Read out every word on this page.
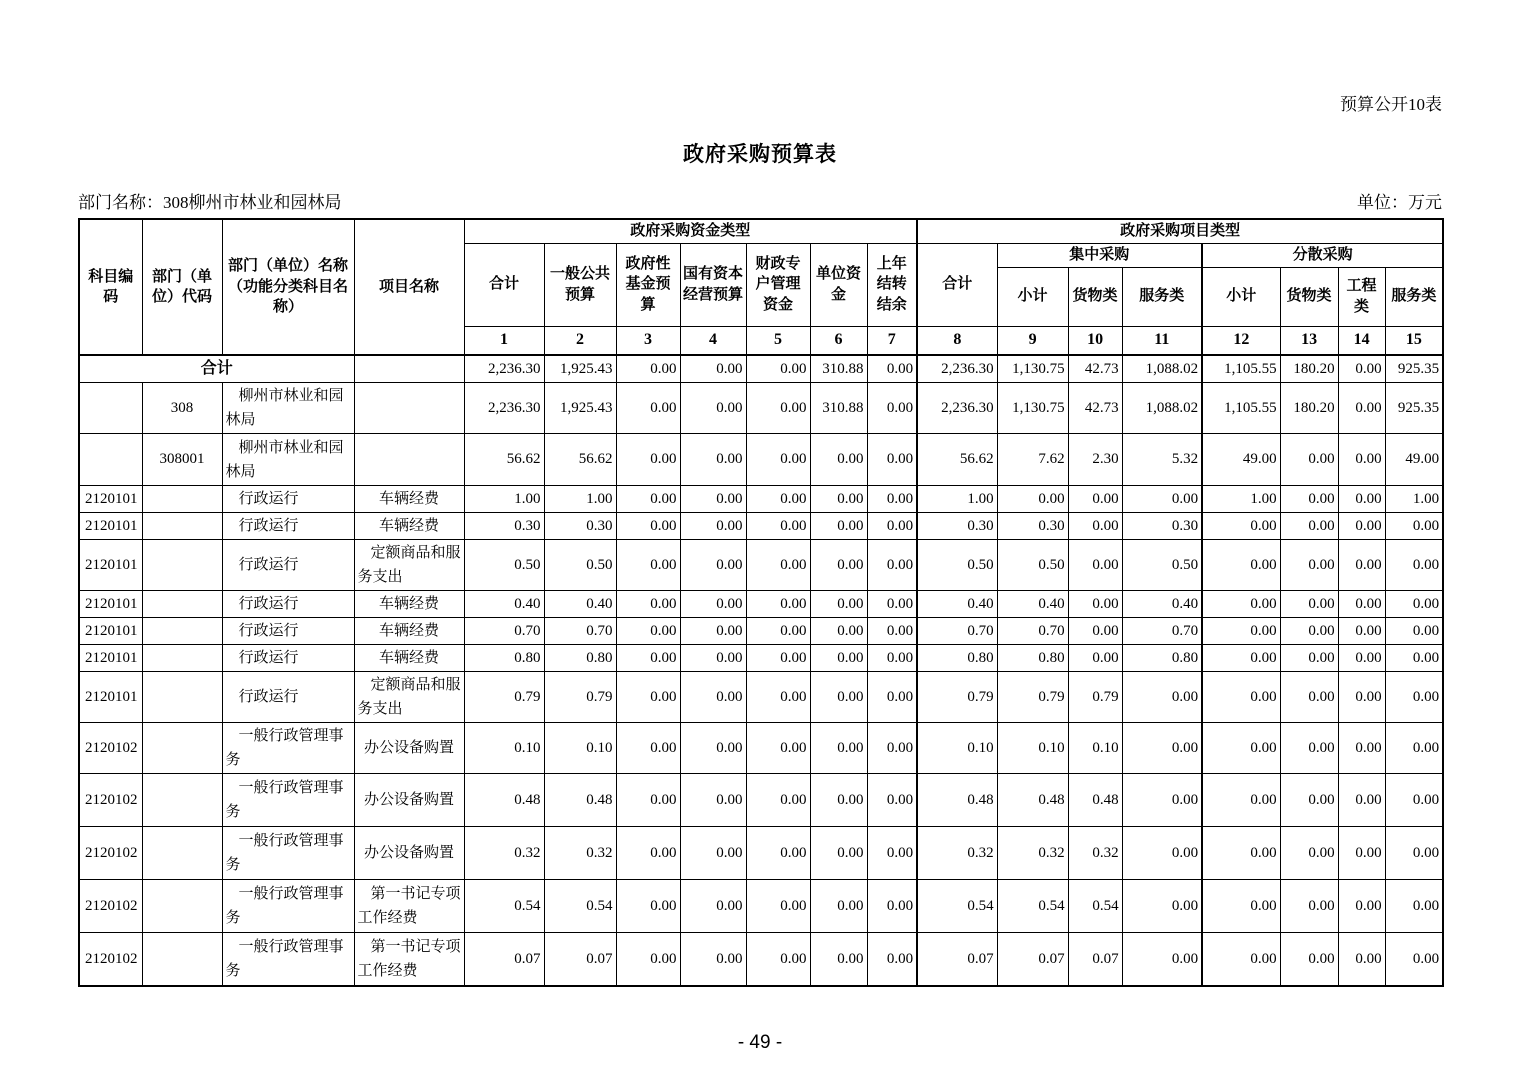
预算公开10表
政府采购预算表
单位：万元
部门名称：308柳州市林业和园林局
科目编码	部门（单位）代码	部门（单位）名称（功能分类科目名称）	项目名称	政府采购资金类型							政府采购项目类型							
				合计	一般公共预算	政府性基金预算	国有资本经营预算	财政专户管理资金	单位资金	上年结转结余	合计	集中采购			分散采购			
												小计	货物类	服务类	小计	货物类	工程类	服务类
				1	2	3	4	5	6	7	8	9	10	11	12	13	14	15
合计				2,236.30	1,925.43	0.00	0.00	0.00	310.88	0.00	2,236.30	1,130.75	42.73	1,088.02	1,105.55	180.20	0.00	925.35
	308	柳州市林业和园林局		2,236.30	1,925.43	0.00	0.00	0.00	310.88	0.00	2,236.30	1,130.75	42.73	1,088.02	1,105.55	180.20	0.00	925.35
	308001	柳州市林业和园林局		56.62	56.62	0.00	0.00	0.00	0.00	0.00	56.62	7.62	2.30	5.32	49.00	0.00	0.00	49.00
2120101		行政运行	车辆经费	1.00	1.00	0.00	0.00	0.00	0.00	0.00	1.00	0.00	0.00	0.00	1.00	0.00	0.00	1.00
2120101		行政运行	车辆经费	0.30	0.30	0.00	0.00	0.00	0.00	0.00	0.30	0.30	0.00	0.30	0.00	0.00	0.00	0.00
2120101		行政运行	定额商品和服务支出	0.50	0.50	0.00	0.00	0.00	0.00	0.00	0.50	0.50	0.00	0.50	0.00	0.00	0.00	0.00
2120101		行政运行	车辆经费	0.40	0.40	0.00	0.00	0.00	0.00	0.00	0.40	0.40	0.00	0.40	0.00	0.00	0.00	0.00
2120101		行政运行	车辆经费	0.70	0.70	0.00	0.00	0.00	0.00	0.00	0.70	0.70	0.00	0.70	0.00	0.00	0.00	0.00
2120101		行政运行	车辆经费	0.80	0.80	0.00	0.00	0.00	0.00	0.00	0.80	0.80	0.00	0.80	0.00	0.00	0.00	0.00
2120101		行政运行	定额商品和服务支出	0.79	0.79	0.00	0.00	0.00	0.00	0.00	0.79	0.79	0.79	0.00	0.00	0.00	0.00	0.00
2120102		一般行政管理事务	办公设备购置	0.10	0.10	0.00	0.00	0.00	0.00	0.00	0.10	0.10	0.10	0.00	0.00	0.00	0.00	0.00
2120102		一般行政管理事务	办公设备购置	0.48	0.48	0.00	0.00	0.00	0.00	0.00	0.48	0.48	0.48	0.00	0.00	0.00	0.00	0.00
2120102		一般行政管理事务	办公设备购置	0.32	0.32	0.00	0.00	0.00	0.00	0.00	0.32	0.32	0.32	0.00	0.00	0.00	0.00	0.00
2120102		一般行政管理事务	第一书记专项工作经费	0.54	0.54	0.00	0.00	0.00	0.00	0.00	0.54	0.54	0.54	0.00	0.00	0.00	0.00	0.00
2120102		一般行政管理事务	第一书记专项工作经费	0.07	0.07	0.00	0.00	0.00	0.00	0.00	0.07	0.07	0.07	0.00	0.00	0.00	0.00	0.00
- 49 -
